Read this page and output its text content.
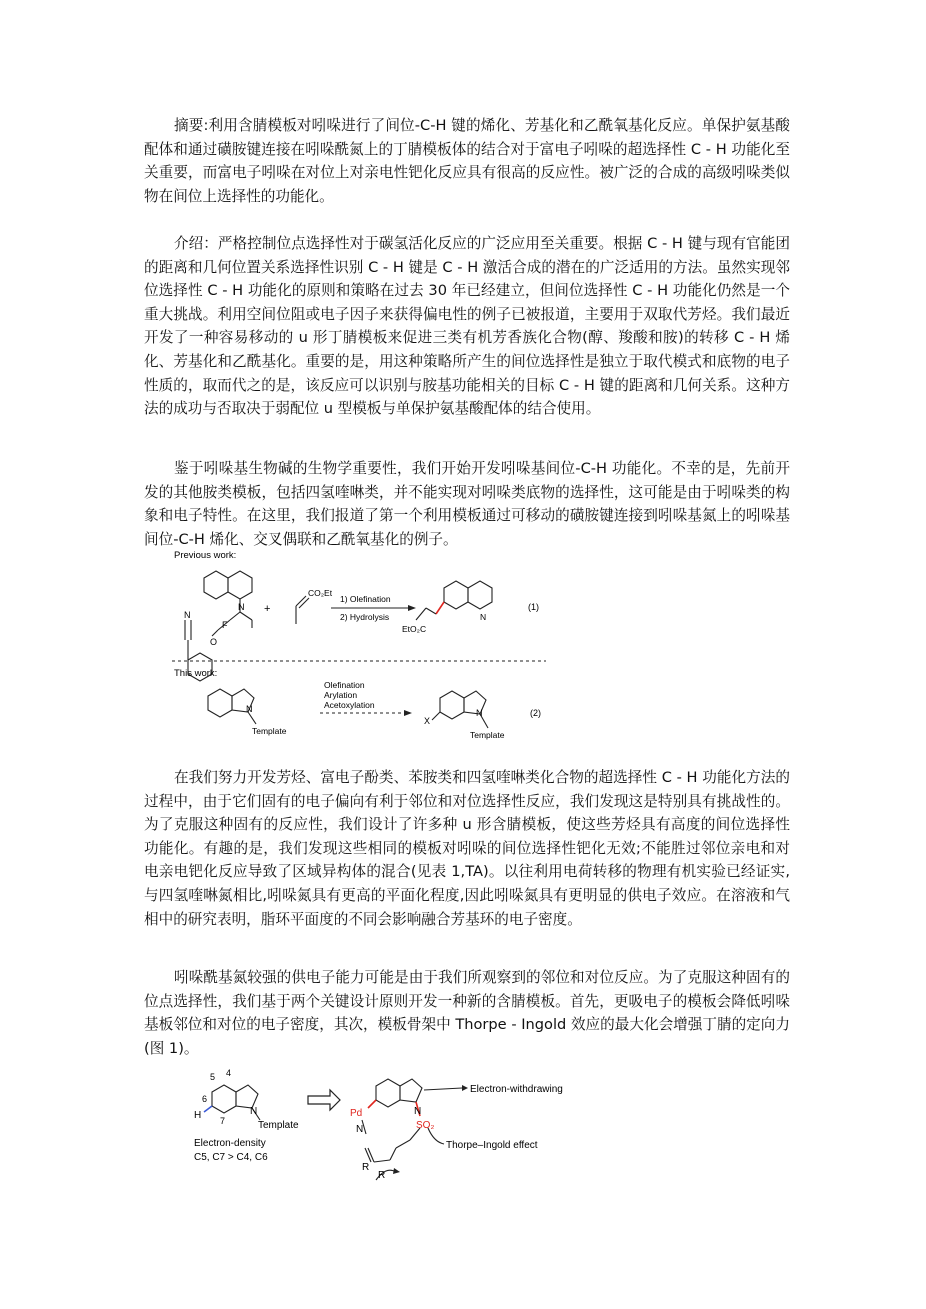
摘要:利用含腈模板对吲哚进行了间位-C-H 键的烯化、芳基化和乙酰氧基化反应。单保护氨基酸配体和通过磺胺键连接在吲哚酰氮上的丁腈模板体的结合对于富电子吲哚的超选择性 C - H 功能化至关重要，而富电子吲哚在对位上对亲电性钯化反应具有很高的反应性。被广泛的合成的高级吲哚类似物在间位上选择性的功能化。

介绍：严格控制位点选择性对于碳氢活化反应的广泛应用至关重要。根据 C - H 键与现有官能团的距离和几何位置关系选择性识别 C - H 键是 C - H 激活合成的潜在的广泛适用的方法。虽然实现邻位选择性 C - H 功能化的原则和策略在过去 30 年已经建立，但间位选择性 C - H 功能化仍然是一个重大挑战。利用空间位阻或电子因子来获得偏电性的例子已被报道，主要用于双取代芳烃。我们最近开发了一种容易移动的 u 形丁腈模板来促进三类有机芳香族化合物(醇、羧酸和胺)的转移 C - H 烯化、芳基化和乙酰基化。重要的是，用这种策略所产生的间位选择性是独立于取代模式和底物的电子性质的，取而代之的是，该反应可以识别与胺基功能相关的目标 C - H 键的距离和几何关系。这种方法的成功与否取决于弱配位 u 型模板与单保护氨基酸配体的结合使用。

鉴于吲哚基生物碱的生物学重要性，我们开始开发吲哚基间位-C-H 功能化。不幸的是，先前开发的其他胺类模板，包括四氢喹啉类，并不能实现对吲哚类底物的选择性，这可能是由于吲哚类的构象和电子特性。在这里，我们报道了第一个利用模板通过可移动的磺胺键连接到吲哚基氮上的吲哚基间位-C-H 烯化、交叉偶联和乙酰氧基化的例子。

在我们努力开发芳烃、富电子酚类、苯胺类和四氢喹啉类化合物的超选择性 C - H 功能化方法的过程中，由于它们固有的电子偏向有利于邻位和对位选择性反应，我们发现这是特别具有挑战性的。为了克服这种固有的反应性，我们设计了许多种 u 形含腈模板，使这些芳烃具有高度的间位选择性功能化。有趣的是，我们发现这些相同的模板对吲哚的间位选择性钯化无效;不能胜过邻位亲电和对电亲电钯化反应导致了区域异构体的混合(见表 1,TA)。以往利用电荷转移的物理有机实验已经证实,与四氢喹啉氮相比,吲哚氮具有更高的平面化程度,因此吲哚氮具有更明显的供电子效应。在溶液和气相中的研究表明，脂环平面度的不同会影响融合芳基环的电子密度。

吲哚酰基氮较强的供电子能力可能是由于我们所观察到的邻位和对位反应。为了克服这种固有的位点选择性，我们基于两个关键设计原则开发一种新的含腈模板。首先，更吸电子的模板会降低吲哚基板邻位和对位的电子密度，其次，模板骨架中 Thorpe - Ingold 效应的最大化会增强丁腈的定向力(图 1)。

Previous work:
This work:
N
F
O
N	+
CO₂Et
1) Olefination
2) Hydrolysis	N
EtO₂C
(1)
N
Template
Olefination
Arylation
Acetoxylation
X
N
Template
(2)
5 4
6
7
H	N
Template
Electron-density
C5, C7 > C4, C6
Pd	N
SO₂
N
Electron-withdrawing
Thorpe–Ingold effect
R
R
